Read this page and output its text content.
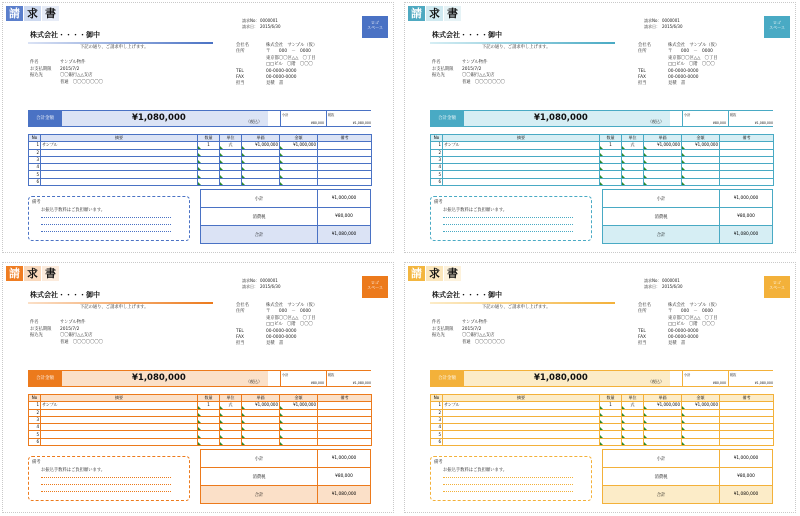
請 求 書
請求No： 0000001
請求日： 2015/6/30
ロゴ
スペース
株式会社・・・・御中
下記の通り、ご請求申し上げます。
件名	サンプル物件
お支払期限	2015/7/2
振込先	〇〇銀行△△支店
普通　〇〇〇〇〇〇〇
会社名	株式会社　サンプル（仮）
住所	〒　　000　－　0000
東京都〇〇区△△　〇丁目
□□ビル　〇階　〇〇〇
TEL	00-0000-0000
FAX	00-0000-0000
担当	見積　書
合計金額	¥1,080,000	（税込）
小計
¥80,000
税抜
¥1,080,000
No	摘要	数量	単位	単価	金額	備考
1	サンプル	1	式	¥1,000,000	¥1,000,000	
2						
3						
4						
5						
6						
備考
お振込手数料はご負担願います。
小計	¥1,000,000
消費税	¥80,000
合計	¥1,080,000
請 求 書
請求No： 0000001
請求日： 2015/6/30
ロゴ
スペース
株式会社・・・・御中
下記の通り、ご請求申し上げます。
件名	サンプル物件
お支払期限	2015/7/2
振込先	〇〇銀行△△支店
普通　〇〇〇〇〇〇〇
会社名	株式会社　サンプル（仮）
住所	〒　　000　－　0000
東京都〇〇区△△　〇丁目
□□ビル　〇階　〇〇〇
TEL	00-0000-0000
FAX	00-0000-0000
担当	見積　書
合計金額	¥1,080,000	（税込）
小計
¥80,000
税抜
¥1,080,000
No	摘要	数量	単位	単価	金額	備考
1	サンプル	1	式	¥1,000,000	¥1,000,000	
2						
3						
4						
5						
6						
備考
お振込手数料はご負担願います。
小計	¥1,000,000
消費税	¥80,000
合計	¥1,080,000
請 求 書
請求No： 0000001
請求日： 2015/6/30
ロゴ
スペース
株式会社・・・・御中
下記の通り、ご請求申し上げます。
件名	サンプル物件
お支払期限	2015/7/2
振込先	〇〇銀行△△支店
普通　〇〇〇〇〇〇〇
会社名	株式会社　サンプル（仮）
住所	〒　　000　－　0000
東京都〇〇区△△　〇丁目
□□ビル　〇階　〇〇〇
TEL	00-0000-0000
FAX	00-0000-0000
担当	見積　書
合計金額	¥1,080,000	（税込）
小計
¥80,000
税抜
¥1,080,000
No	摘要	数量	単位	単価	金額	備考
1	サンプル	1	式	¥1,000,000	¥1,000,000	
2						
3						
4						
5						
6						
備考
お振込手数料はご負担願います。
小計	¥1,000,000
消費税	¥80,000
合計	¥1,080,000
請 求 書
請求No： 0000001
請求日： 2015/6/30
ロゴ
スペース
株式会社・・・・御中
下記の通り、ご請求申し上げます。
件名	サンプル物件
お支払期限	2015/7/2
振込先	〇〇銀行△△支店
普通　〇〇〇〇〇〇〇
会社名	株式会社　サンプル（仮）
住所	〒　　000　－　0000
東京都〇〇区△△　〇丁目
□□ビル　〇階　〇〇〇
TEL	00-0000-0000
FAX	00-0000-0000
担当	見積　書
合計金額	¥1,080,000	（税込）
小計
¥80,000
税抜
¥1,080,000
No	摘要	数量	単位	単価	金額	備考
1	サンプル	1	式	¥1,000,000	¥1,000,000	
2						
3						
4						
5						
6						
備考
お振込手数料はご負担願います。
小計	¥1,000,000
消費税	¥80,000
合計	¥1,080,000
